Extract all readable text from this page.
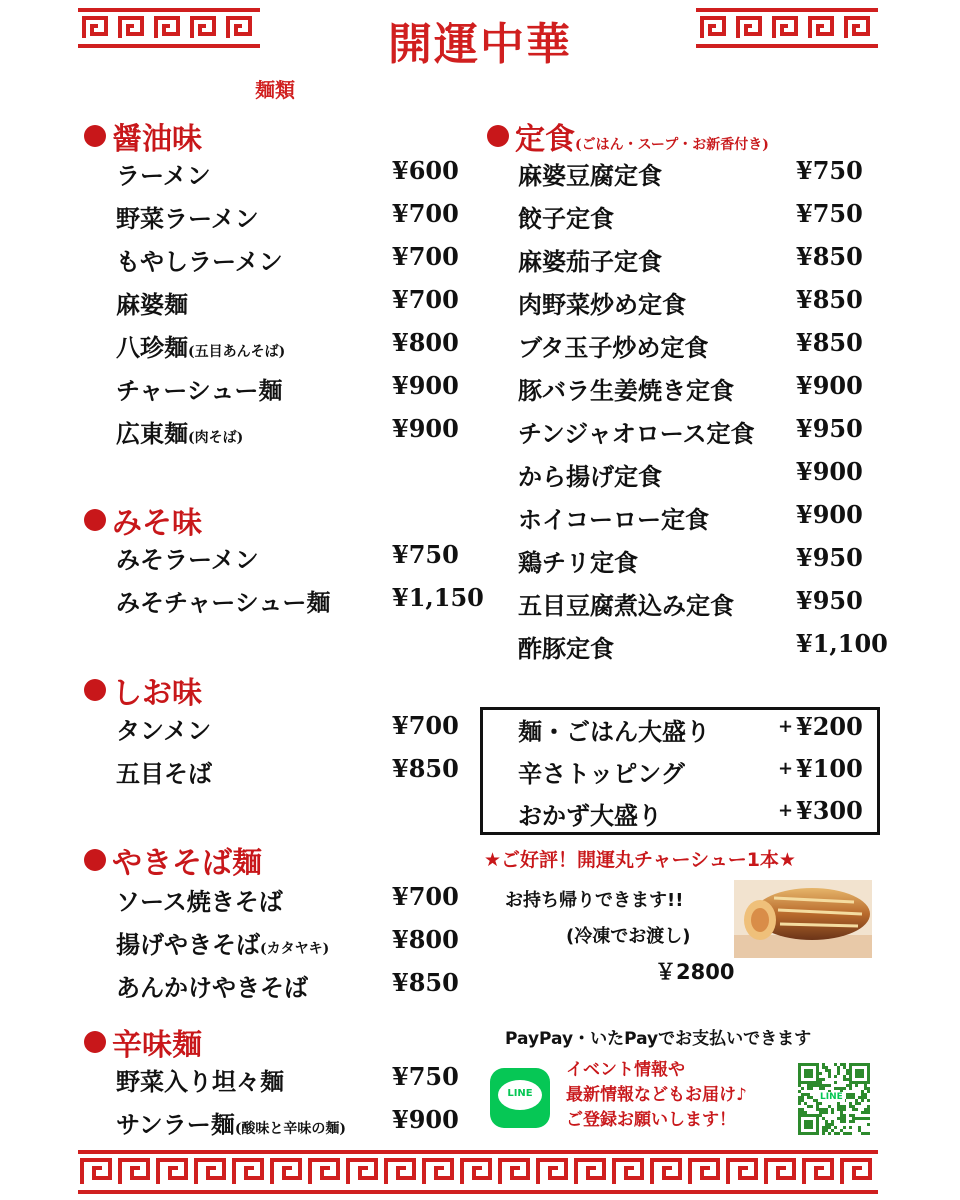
開運中華
麺類
醤油味
ラーメン	¥600
野菜ラーメン	¥700
もやしラーメン	¥700
麻婆麺	¥700
八珍麺(五目あんそば)	¥800
チャーシュー麺	¥900
広東麺(肉そば)	¥900
みそ味
みそラーメン	¥750
みそチャーシュー麺	¥1,150
しお味
タンメン	¥700
五目そば	¥850
やきそば麺
ソース焼きそば	¥700
揚げやきそば(カタヤキ)	¥800
あんかけやきそば	¥850
辛味麺
野菜入り坦々麺	¥750
サンラー麺(酸味と辛味の麺) ¥900
定食(ごはん・スープ・お新香付き)
麻婆豆腐定食	¥750
餃子定食	¥750
麻婆茄子定食	¥850
肉野菜炒め定食	¥850
ブタ玉子炒め定食	¥850
豚バラ生姜焼き定食	¥900
チンジャオロース定食 ¥950
から揚げ定食	¥900
ホイコーロー定食	¥900
鶏チリ定食	¥950
五目豆腐煮込み定食	¥950
酢豚定食	¥1,100
麺・ごはん大盛り	+ ¥200
辛さトッピング	+ ¥100
おかず大盛り	+ ¥300
★ご好評！開運丸チャーシュー1本★
お持ち帰りできます!!
(冷凍でお渡し)
￥2800
PayPay・いたPayでお支払いできます
LINE
イベント情報や
最新情報などもお届け♪
ご登録お願いします！
LINE
